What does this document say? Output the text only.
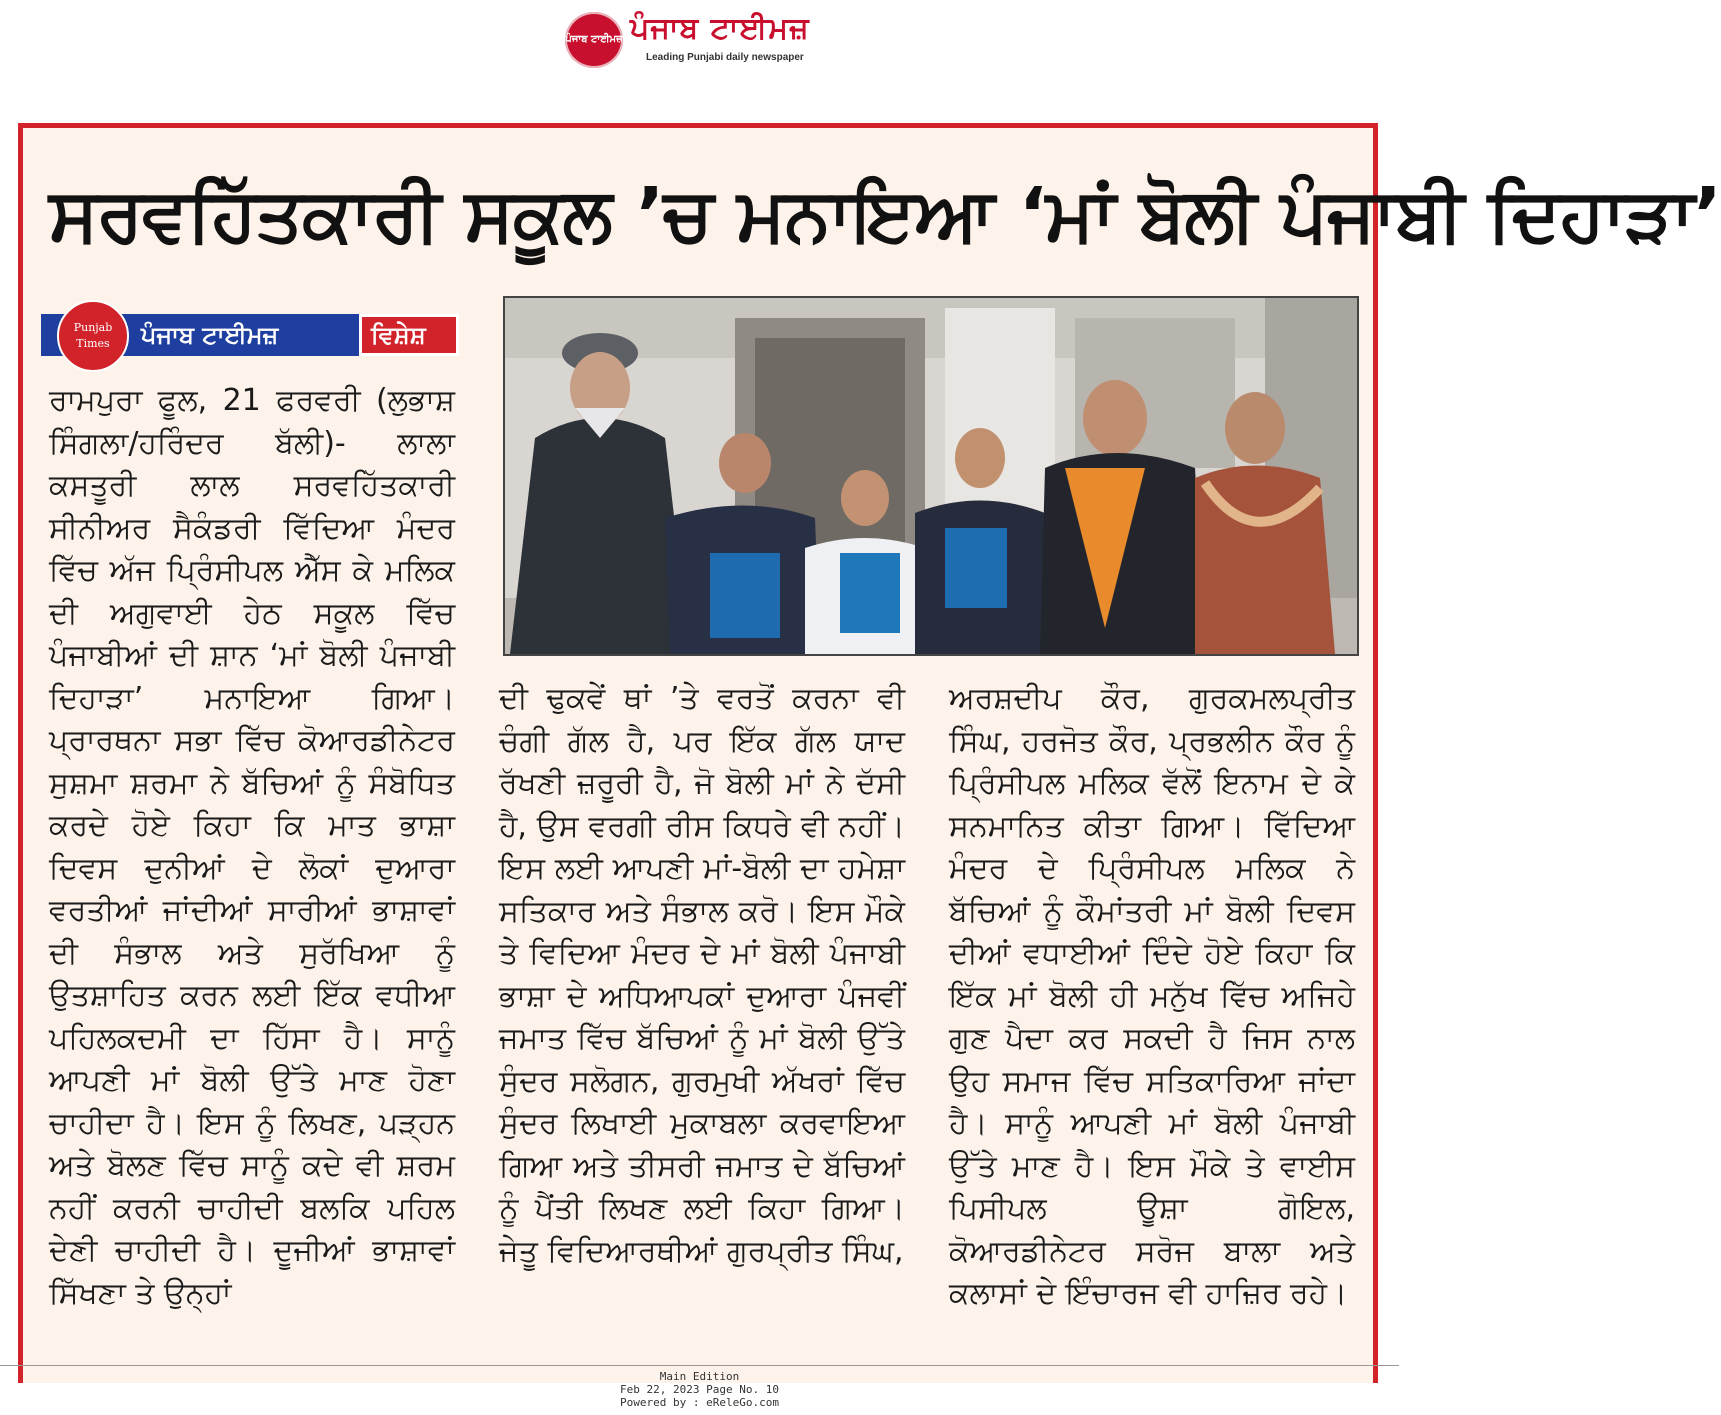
ਪੰਜਾਬ ਟਾਈਮਜ਼ ਪੰਜਾਬ ਟਾਈਮਜ਼
Leading Punjabi daily newspaper
ਸਰਵਹਿੱਤਕਾਰੀ ਸਕੂਲ ’ਚ ਮਨਾਇਆ ‘ਮਾਂ ਬੋਲੀ ਪੰਜਾਬੀ ਦਿਹਾੜਾ’
ਪੰਜਾਬ ਟਾਈਮਜ਼	ਵਿਸ਼ੇਸ਼
Punjab Times
ਰਾਮਪੁਰਾ ਫੂਲ, 21 ਫਰਵਰੀ (ਲੁਭਾਸ਼ ਸਿੰਗਲਾ/ਹਰਿੰਦਰ ਬੱਲੀ)- ਲਾਲਾ ਕਸਤੂਰੀ ਲਾਲ ਸਰਵਹਿੱਤਕਾਰੀ ਸੀਨੀਅਰ ਸੈਕੰਡਰੀ ਵਿੱਦਿਆ ਮੰਦਰ ਵਿੱਚ ਅੱਜ ਪ੍ਰਿੰਸੀਪਲ ਐੱਸ ਕੇ ਮਲਿਕ ਦੀ ਅਗੁਵਾਈ ਹੇਠ ਸਕੂਲ ਵਿੱਚ ਪੰਜਾਬੀਆਂ ਦੀ ਸ਼ਾਨ ‘ਮਾਂ ਬੋਲੀ ਪੰਜਾਬੀ ਦਿਹਾੜਾ’ ਮਨਾਇਆ ਗਿਆ। ਪ੍ਰਾਰਥਨਾ ਸਭਾ ਵਿੱਚ ਕੋਆਰਡੀਨੇਟਰ ਸੁਸ਼ਮਾ ਸ਼ਰਮਾ ਨੇ ਬੱਚਿਆਂ ਨੂੰ ਸੰਬੋਧਿਤ ਕਰਦੇ ਹੋਏ ਕਿਹਾ ਕਿ ਮਾਤ ਭਾਸ਼ਾ ਦਿਵਸ ਦੁਨੀਆਂ ਦੇ ਲੋਕਾਂ ਦੁਆਰਾ ਵਰਤੀਆਂ ਜਾਂਦੀਆਂ ਸਾਰੀਆਂ ਭਾਸ਼ਾਵਾਂ ਦੀ ਸੰਭਾਲ ਅਤੇ ਸੁਰੱਖਿਆ ਨੂੰ ਉਤਸ਼ਾਹਿਤ ਕਰਨ ਲਈ ਇੱਕ ਵਧੀਆ ਪਹਿਲਕਦਮੀ ਦਾ ਹਿੱਸਾ ਹੈ। ਸਾਨੂੰ ਆਪਣੀ ਮਾਂ ਬੋਲੀ ਉੱਤੇ ਮਾਣ ਹੋਣਾ ਚਾਹੀਦਾ ਹੈ। ਇਸ ਨੂੰ ਲਿਖਣ, ਪੜ੍ਹਨ ਅਤੇ ਬੋਲਣ ਵਿੱਚ ਸਾਨੂੰ ਕਦੇ ਵੀ ਸ਼ਰਮ ਨਹੀਂ ਕਰਨੀ ਚਾਹੀਦੀ ਬਲਕਿ ਪਹਿਲ ਦੇਣੀ ਚਾਹੀਦੀ ਹੈ। ਦੂਜੀਆਂ ਭਾਸ਼ਾਵਾਂ ਸਿੱਖਣਾ ਤੇ ਉਨ੍ਹਾਂ
ਦੀ ਢੁਕਵੇਂ ਥਾਂ ’ਤੇ ਵਰਤੋਂ ਕਰਨਾ ਵੀ ਚੰਗੀ ਗੱਲ ਹੈ, ਪਰ ਇੱਕ ਗੱਲ ਯਾਦ ਰੱਖਣੀ ਜ਼ਰੂਰੀ ਹੈ, ਜੋ ਬੋਲੀ ਮਾਂ ਨੇ ਦੱਸੀ ਹੈ, ਉਸ ਵਰਗੀ ਰੀਸ ਕਿਧਰੇ ਵੀ ਨਹੀਂ। ਇਸ ਲਈ ਆਪਣੀ ਮਾਂ-ਬੋਲੀ ਦਾ ਹਮੇਸ਼ਾ ਸਤਿਕਾਰ ਅਤੇ ਸੰਭਾਲ ਕਰੋ। ਇਸ ਮੌਕੇ ਤੇ ਵਿਦਿਆ ਮੰਦਰ ਦੇ ਮਾਂ ਬੋਲੀ ਪੰਜਾਬੀ ਭਾਸ਼ਾ ਦੇ ਅਧਿਆਪਕਾਂ ਦੁਆਰਾ ਪੰਜਵੀਂ ਜਮਾਤ ਵਿੱਚ ਬੱਚਿਆਂ ਨੂੰ ਮਾਂ ਬੋਲੀ ਉੱਤੇ ਸੁੰਦਰ ਸਲੋਗਨ, ਗੁਰਮੁਖੀ ਅੱਖਰਾਂ ਵਿੱਚ ਸੁੰਦਰ ਲਿਖਾਈ ਮੁਕਾਬਲਾ ਕਰਵਾਇਆ ਗਿਆ ਅਤੇ ਤੀਸਰੀ ਜਮਾਤ ਦੇ ਬੱਚਿਆਂ ਨੂੰ ਪੈਂਤੀ ਲਿਖਣ ਲਈ ਕਿਹਾ ਗਿਆ। ਜੇਤੂ ਵਿਦਿਆਰਥੀਆਂ ਗੁਰਪ੍ਰੀਤ ਸਿੰਘ,
ਅਰਸ਼ਦੀਪ ਕੌਰ, ਗੁਰਕਮਲਪ੍ਰੀਤ ਸਿੰਘ, ਹਰਜੋਤ ਕੌਰ, ਪ੍ਰਭਲੀਨ ਕੌਰ ਨੂੰ ਪ੍ਰਿੰਸੀਪਲ ਮਲਿਕ ਵੱਲੋਂ ਇਨਾਮ ਦੇ ਕੇ ਸਨਮਾਨਿਤ ਕੀਤਾ ਗਿਆ। ਵਿੱਦਿਆ ਮੰਦਰ ਦੇ ਪ੍ਰਿੰਸੀਪਲ ਮਲਿਕ ਨੇ ਬੱਚਿਆਂ ਨੂੰ ਕੌਮਾਂਤਰੀ ਮਾਂ ਬੋਲੀ ਦਿਵਸ ਦੀਆਂ ਵਧਾਈਆਂ ਦਿੰਦੇ ਹੋਏ ਕਿਹਾ ਕਿ ਇੱਕ ਮਾਂ ਬੋਲੀ ਹੀ ਮਨੁੱਖ ਵਿੱਚ ਅਜਿਹੇ ਗੁਣ ਪੈਦਾ ਕਰ ਸਕਦੀ ਹੈ ਜਿਸ ਨਾਲ ਉਹ ਸਮਾਜ ਵਿੱਚ ਸਤਿਕਾਰਿਆ ਜਾਂਦਾ ਹੈ। ਸਾਨੂੰ ਆਪਣੀ ਮਾਂ ਬੋਲੀ ਪੰਜਾਬੀ ਉੱਤੇ ਮਾਣ ਹੈ। ਇਸ ਮੌਕੇ ਤੇ ਵਾਈਸ ਪਿਸੀਪਲ ਊਸ਼ਾ ਗੋਇਲ, ਕੋਆਰਡੀਨੇਟਰ ਸਰੋਜ ਬਾਲਾ ਅਤੇ ਕਲਾਸਾਂ ਦੇ ਇੰਚਾਰਜ ਵੀ ਹਾਜ਼ਿਰ ਰਹੇ।
Main Edition
Feb 22, 2023 Page No. 10
Powered by : eReleGo.com
